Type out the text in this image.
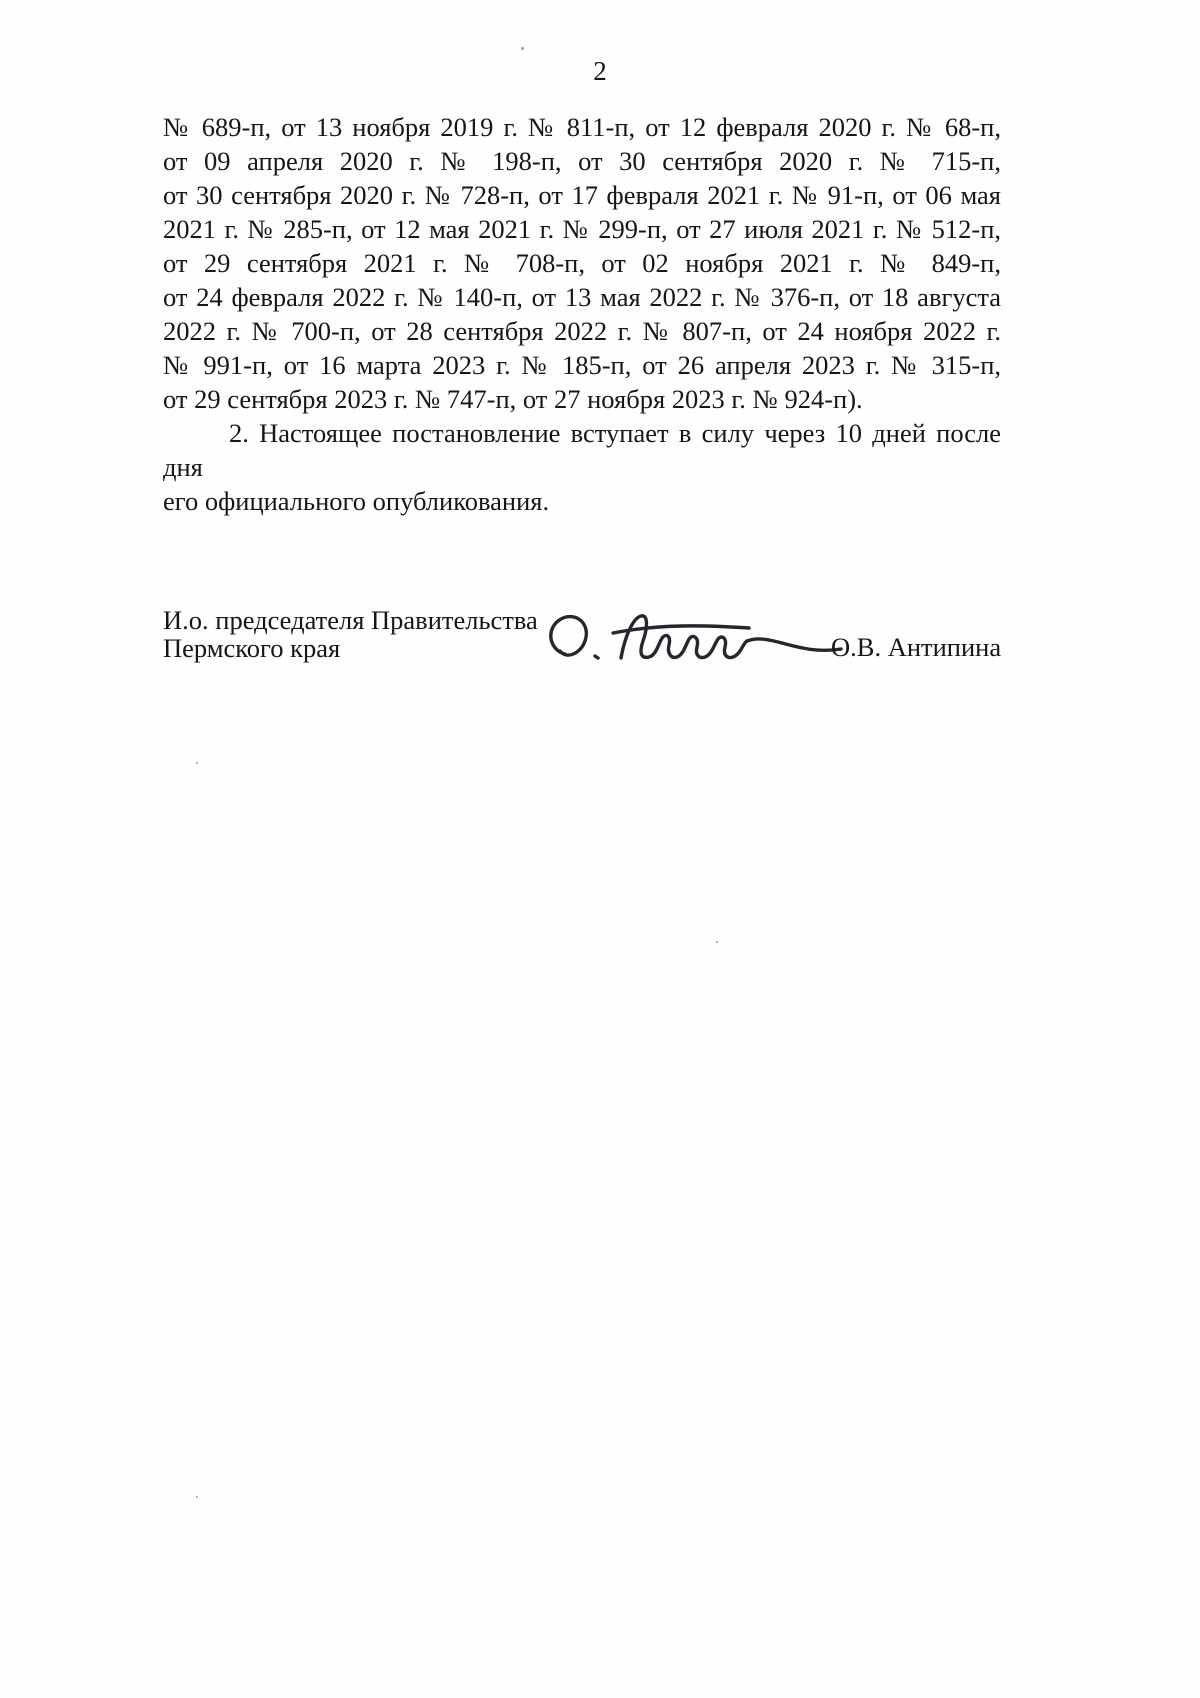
2
№ 689-п, от 13 ноября 2019 г. № 811-п, от 12 февраля 2020 г. № 68-п,
от 09 апреля 2020 г. № 198-п, от 30 сентября 2020 г. № 715-п,
от 30 сентября 2020 г. № 728-п, от 17 февраля 2021 г. № 91-п, от 06 мая
2021 г. № 285-п, от 12 мая 2021 г. № 299-п, от 27 июля 2021 г. № 512-п,
от 29 сентября 2021 г. № 708-п, от 02 ноября 2021 г. № 849-п,
от 24 февраля 2022 г. № 140-п, от 13 мая 2022 г. № 376-п, от 18 августа
2022 г. № 700-п, от 28 сентября 2022 г. № 807-п, от 24 ноября 2022 г.
№ 991-п, от 16 марта 2023 г. № 185-п, от 26 апреля 2023 г. № 315-п,
от 29 сентября 2023 г. № 747-п, от 27 ноября 2023 г. № 924-п).
2. Настоящее постановление вступает в силу через 10 дней после дня
его официального опубликования.
И.о. председателя Правительства
Пермского края	О.В. Антипина
